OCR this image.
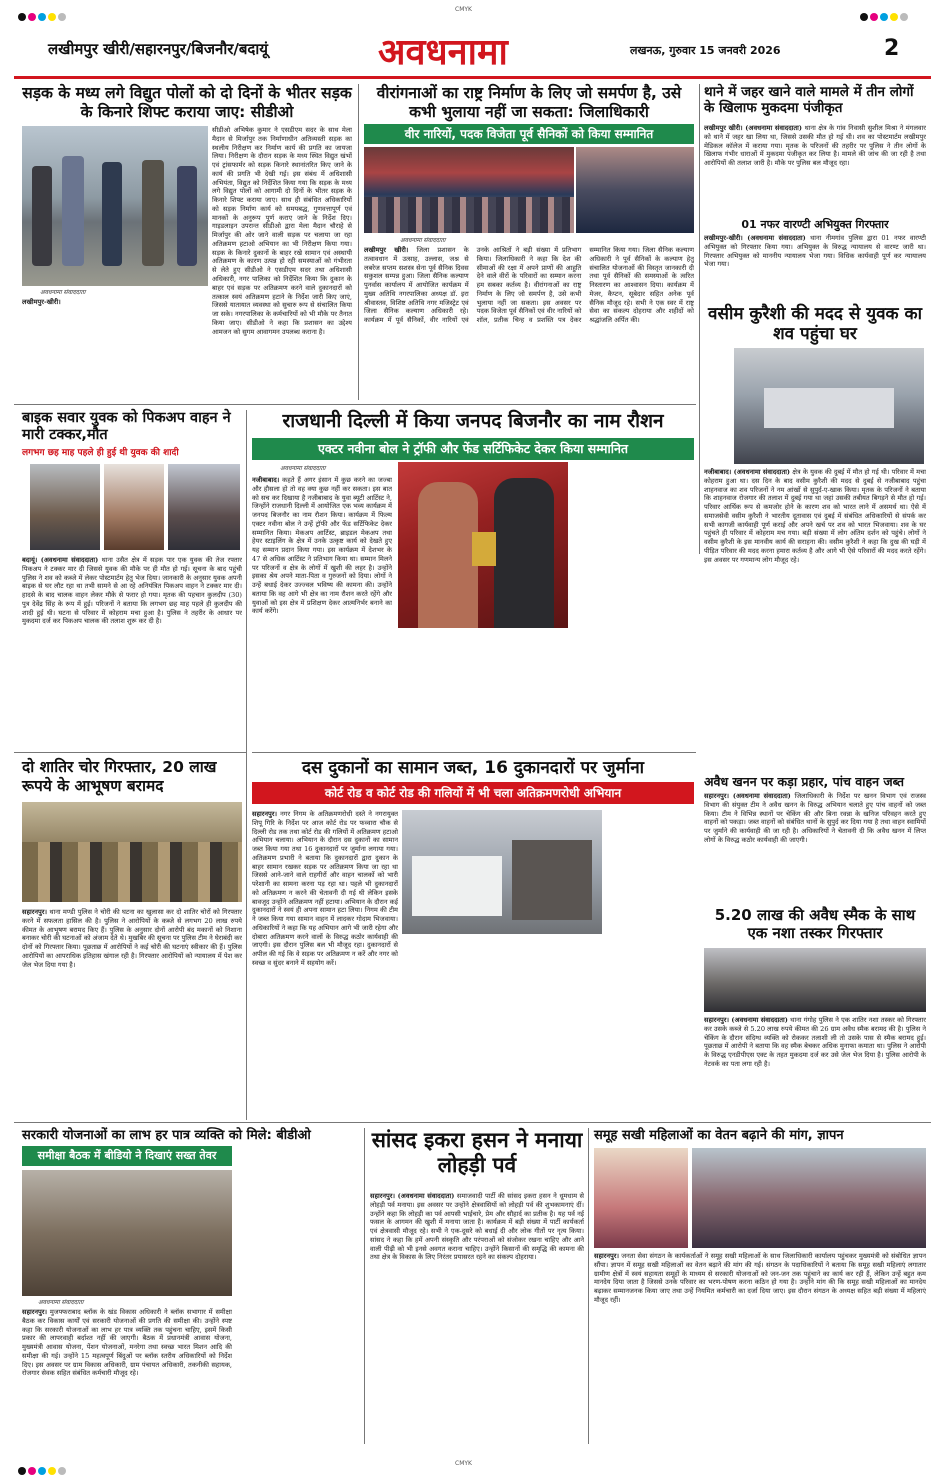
CMYK
लखीमपुर खीरी/सहारनपुर/बिजनौर/बदायूं	अवधनामा	लखनऊ, गुरुवार 15 जनवरी 2026	2
सड़क के मध्य लगे विद्युत पोलों को दो दिनों के भीतर सड़क के किनारे शिफ्ट कराया जाए: सीडीओ
अवधनामा संवाददाता
सीडीओ अभिषेक कुमार ने एसडीएम सदर के साथ मेला मैदान से मिर्जापुर तक निर्माणाधीन अतिव्यस्ती सड़क का स्थलीय निरीक्षण कर निर्माण कार्य की प्रगति का जायजा लिया। निरीक्षण के दौरान सड़क के मध्य स्थित विद्युत खंभों एवं ट्रांसफार्मर को सड़क किनारे स्थानांतरित किए जाने के कार्य की प्रगति भी देखी गई। इस संबंध में अधिशासी अभियंता, विद्युत को निर्देशित किया गया कि सड़क के मध्य लगे विद्युत पोलों को आगामी दो दिनों के भीतर सड़क के किनारे शिफ्ट कराया जाए। साथ ही संबंधित अधिकारियों को सड़क निर्माण कार्य को समयबद्ध, गुणवत्तापूर्ण एवं मानकों के अनुरूप पूर्ण कराए जाने के निर्देश दिए। गाइडलाइन उपरान्त सीडीओ द्वारा मेला मैदान चौराहे से मिर्जापुर की ओर जाने वाली सड़क पर चलाया जा रहा अतिक्रमण हटाओ अभियान का भी निरीक्षण किया गया। सड़क के किनारे दुकानों के बाहर रखे सामान एवं अस्थायी अतिक्रमण के कारण उत्पन्न हो रही समस्याओं को गंभीरता से लेते हुए सीडीओ ने एसडीएम सदर तथा अधिशासी अधिकारी, नगर पालिका को निर्देशित किया कि दुकान के बाहर एवं सड़क पर अतिक्रमण करने वाले दुकानदारों को तत्काल स्वयं अतिक्रमण हटाने के निर्देश जारी किए जाएं, जिससे यातायात व्यवस्था को सुचारु रूप से संचालित किया जा सके। नगरपालिका के कर्मचारियों को भी मौके पर तैनात किया जाए। सीडीओ ने कहा कि प्रशासन का उद्देश्य आमजन को सुगम आवागमन उपलब्ध कराना है।
लखीमपुर-खीरी।
वीरांगनाओं का राष्ट्र निर्माण के लिए जो समर्पण है, उसे कभी भुलाया नहीं जा सकता: जिलाधिकारी
वीर नारियों, पदक विजेता पूर्व सैनिकों को किया सम्मानित
अवधनामा संवाददाता
लखीमपुर खीरी। जिला प्रशासन के तत्वावधान में उत्साह, उल्लास, जश्न से लबरेज सप्तम सशस्त्र सेना पूर्व सैनिक दिवस सकुशल सम्पन्न हुआ। जिला सैनिक कल्याण पुनर्वास कार्यालय में आयोजित कार्यक्रम में मुख्य अतिथि नगरपालिका अध्यक्ष डॉ. इरा श्रीवास्तव, विशिष्ट अतिथि नगर मजिस्ट्रेट एवं जिला सैनिक कल्याण अधिकारी रहे। कार्यक्रम में पूर्व सैनिकों, वीर नारियों एवं उनके आश्रितों ने बड़ी संख्या में प्रतिभाग किया। जिलाधिकारी ने कहा कि देश की सीमाओं की रक्षा में अपने प्राणों की आहुति देने वाले वीरों के परिवारों का सम्मान करना हम सबका कर्तव्य है। वीरांगनाओं का राष्ट्र निर्माण के लिए जो समर्पण है, उसे कभी भुलाया नहीं जा सकता। इस अवसर पर पदक विजेता पूर्व सैनिकों एवं वीर नारियों को शॉल, प्रतीक चिन्ह व प्रशस्ति पत्र देकर सम्मानित किया गया। जिला सैनिक कल्याण अधिकारी ने पूर्व सैनिकों के कल्याण हेतु संचालित योजनाओं की विस्तृत जानकारी दी तथा पूर्व सैनिकों की समस्याओं के त्वरित निस्तारण का आश्वासन दिया। कार्यक्रम में मेजर, कैप्टन, सूबेदार सहित अनेक पूर्व सैनिक मौजूद रहे। सभी ने एक स्वर में राष्ट्र सेवा का संकल्प दोहराया और शहीदों को श्रद्धांजलि अर्पित की।
थाने में जहर खाने वाले मामले में तीन लोगों के खिलाफ मुकदमा पंजीकृत
लखीमपुर खीरी। (अवधनामा संवाददाता) थाना क्षेत्र के गांव निवासी सुशील मिश्रा ने मंगलवार को थाने में जहर खा लिया था, जिससे उसकी मौत हो गई थी। शव का पोस्टमार्टम लखीमपुर मेडिकल कॉलेज में कराया गया। मृतक के परिजनों की तहरीर पर पुलिस ने तीन लोगों के खिलाफ गंभीर धाराओं में मुकदमा पंजीकृत कर लिया है। मामले की जांच की जा रही है तथा आरोपियों की तलाश जारी है। मौके पर पुलिस बल मौजूद रहा।
01 नफर वारण्टी अभियुक्त गिरफ्तार
लखीमपुर-खीरी। (अवधनामा संवाददाता) थाना नीमगांव पुलिस द्वारा 01 नफर वारण्टी अभियुक्त को गिरफ्तार किया गया। अभियुक्त के विरुद्ध न्यायालय से वारण्ट जारी था। गिरफ्तार अभियुक्त को माननीय न्यायालय भेजा गया। विधिक कार्यवाही पूर्ण कर न्यायालय भेजा गया।
वसीम कुरैशी की मदद से युवक का शव पहुंचा घर
नजीबाबाद। (अवधनामा संवाददाता) क्षेत्र के युवक की दुबई में मौत हो गई थी। परिवार में मचा कोहराम हुआ था। दस दिन के बाद वसीम कुरैशी की मदद से दुबई से नजीबाबाद पहुंचा शाहनवाज का शव परिजनों ने नम आंखों से सुपुर्द-ए-खाक किया। मृतक के परिजनों ने बताया कि शाहनवाज रोजगार की तलाश में दुबई गया था जहां उसकी तबीयत बिगड़ने से मौत हो गई। परिवार आर्थिक रूप से कमजोर होने के कारण शव को भारत लाने में असमर्थ था। ऐसे में समाजसेवी वसीम कुरैशी ने भारतीय दूतावास एवं दुबई में संबंधित अधिकारियों से संपर्क कर सभी कागजी कार्यवाही पूर्ण कराई और अपने खर्च पर शव को भारत भिजवाया। शव के घर पहुंचते ही परिवार में कोहराम मच गया। बड़ी संख्या में लोग अंतिम दर्शन को पहुंचे। लोगों ने वसीम कुरैशी के इस मानवीय कार्य की सराहना की। वसीम कुरैशी ने कहा कि दुख की घड़ी में पीड़ित परिवार की मदद करना हमारा कर्तव्य है और आगे भी ऐसे परिवारों की मदद करते रहेंगे। इस अवसर पर गणमान्य लोग मौजूद रहे।
बाइक सवार युवक को पिकअप वाहन ने मारी टक्कर,मौत
लगभग छह माह पहले ही हुई थी युवक की शादी
बदायूं। (अवधनामा संवाददाता) थाना उसैत क्षेत्र में सड़क पार एक युवक की तेज रफ्तार पिकअप ने टक्कर मार दी जिससे युवक की मौके पर ही मौत हो गई। सूचना के बाद पहुंची पुलिस ने शव को कब्जे में लेकर पोस्टमार्टम हेतु भेज दिया। जानकारी के अनुसार युवक अपनी बाइक से घर लौट रहा था तभी सामने से आ रहे अनियंत्रित पिकअप वाहन ने टक्कर मार दी। हादसे के बाद चालक वाहन लेकर मौके से फरार हो गया। मृतक की पहचान कुलदीप (30) पुत्र देवेंद्र सिंह के रूप में हुई। परिजनों ने बताया कि लगभग छह माह पहले ही कुलदीप की शादी हुई थी। घटना से परिवार में कोहराम मचा हुआ है। पुलिस ने तहरीर के आधार पर मुकदमा दर्ज कर पिकअप चालक की तलाश शुरू कर दी है।
राजधानी दिल्ली में किया जनपद बिजनौर का नाम रौशन
एक्टर नवीना बोल ने ट्रॉफी और फेंड सर्टिफिकेट देकर किया सम्मानित
अवधनामा संवाददाता
नजीबाबाद। कहते हैं अगर इंसान में कुछ करने का जज्बा और हौसला हो तो वह क्या कुछ नहीं कर सकता। इस बात को सच कर दिखाया है नजीबाबाद के युवा ब्यूटी आर्टिस्ट ने, जिन्होंने राजधानी दिल्ली में आयोजित एक भव्य कार्यक्रम में जनपद बिजनौर का नाम रौशन किया। कार्यक्रम में फिल्म एक्टर नवीना बोल ने उन्हें ट्रॉफी और फेंड सर्टिफिकेट देकर सम्मानित किया। मेकअप आर्टिस्ट, ब्राइडल मेकअप तथा हेयर स्टाइलिंग के क्षेत्र में उनके उत्कृष्ट कार्य को देखते हुए यह सम्मान प्रदान किया गया। इस कार्यक्रम में देशभर के 47 से अधिक आर्टिस्ट ने प्रतिभाग किया था। सम्मान मिलने पर परिजनों व क्षेत्र के लोगों में खुशी की लहर है। उन्होंने इसका श्रेय अपने माता-पिता व गुरुजनों को दिया। लोगों ने उन्हें बधाई देकर उज्ज्वल भविष्य की कामना की। उन्होंने बताया कि वह आगे भी क्षेत्र का नाम रौशन करते रहेंगे और युवाओं को इस क्षेत्र में प्रशिक्षण देकर आत्मनिर्भर बनाने का कार्य करेंगे।
अवैध खनन पर कड़ा प्रहार, पांच वाहन जब्त
सहारनपुर। (अवधनामा संवाददाता) जिलाधिकारी के निर्देश पर खनन विभाग एवं राजस्व विभाग की संयुक्त टीम ने अवैध खनन के विरुद्ध अभियान चलाते हुए पांच वाहनों को जब्त किया। टीम ने विभिन्न स्थानों पर चेकिंग की और बिना रवन्ना के खनिज परिवहन करते हुए वाहनों को पकड़ा। जब्त वाहनों को संबंधित थानों के सुपुर्द कर दिया गया है तथा वाहन स्वामियों पर जुर्माने की कार्यवाही की जा रही है। अधिकारियों ने चेतावनी दी कि अवैध खनन में लिप्त लोगों के विरुद्ध कठोर कार्यवाही की जाएगी।
दो शातिर चोर गिरफ्तार, 20 लाख रूपये के आभूषण बरामद
सहारनपुर। थाना मण्डी पुलिस ने चोरी की घटना का खुलासा कर दो शातिर चोरों को गिरफ्तार करने में सफलता हासिल की है। पुलिस ने आरोपियों के कब्जे से लगभग 20 लाख रुपये कीमत के आभूषण बरामद किए हैं। पुलिस के अनुसार दोनों आरोपी बंद मकानों को निशाना बनाकर चोरी की घटनाओं को अंजाम देते थे। मुखबिर की सूचना पर पुलिस टीम ने घेराबंदी कर दोनों को गिरफ्तार किया। पूछताछ में आरोपियों ने कई चोरी की घटनाएं स्वीकार की हैं। पुलिस आरोपियों का आपराधिक इतिहास खंगाल रही है। गिरफ्तार आरोपियों को न्यायालय में पेश कर जेल भेज दिया गया है।
दस दुकानों का सामान जब्त, 16 दुकानदारों पर जुर्माना
कोर्ट रोड व कोर्ट रोड की गलियों में भी चला अतिक्रमणरोधी अभियान
सहारनपुर। नगर निगम के अतिक्रमणरोधी दस्ते ने नगरायुक्त शिपू गिरि के निर्देश पर आज कोर्ट रोड पर फव्वारा चौक से दिल्ली रोड तक तथा कोर्ट रोड की गलियों में अतिक्रमण हटाओ अभियान चलाया। अभियान के दौरान दस दुकानों का सामान जब्त किया गया तथा 16 दुकानदारों पर जुर्माना लगाया गया। अतिक्रमण प्रभारी ने बताया कि दुकानदारों द्वारा दुकान के बाहर सामान रखकर सड़क पर अतिक्रमण किया जा रहा था जिससे आने-जाने वाले राहगीरों और वाहन चालकों को भारी परेशानी का सामना करना पड़ रहा था। पहले भी दुकानदारों को अतिक्रमण न करने की चेतावनी दी गई थी लेकिन इसके बावजूद उन्होंने अतिक्रमण नहीं हटाया। अभियान के दौरान कई दुकानदारों ने स्वयं ही अपना सामान हटा लिया। निगम की टीम ने जब्त किया गया सामान वाहन में लादकर गोदाम भिजवाया। अधिकारियों ने कहा कि यह अभियान आगे भी जारी रहेगा और दोबारा अतिक्रमण करने वालों के विरुद्ध कठोर कार्यवाही की जाएगी। इस दौरान पुलिस बल भी मौजूद रहा। दुकानदारों से अपील की गई कि वे सड़क पर अतिक्रमण न करें और नगर को स्वच्छ व सुंदर बनाने में सहयोग करें।
5.20 लाख की अवैध स्मैक के साथ एक नशा तस्कर गिरफ्तार
सहारनपुर। (अवधनामा संवाददाता) थाना गंगोह पुलिस ने एक शातिर नशा तस्कर को गिरफ्तार कर उसके कब्जे से 5.20 लाख रुपये कीमत की 26 ग्राम अवैध स्मैक बरामद की है। पुलिस ने चेकिंग के दौरान संदिग्ध व्यक्ति को रोककर तलाशी ली तो उसके पास से स्मैक बरामद हुई। पूछताछ में आरोपी ने बताया कि वह स्मैक बेचकर अधिक मुनाफा कमाता था। पुलिस ने आरोपी के विरुद्ध एनडीपीएस एक्ट के तहत मुकदमा दर्ज कर उसे जेल भेज दिया है। पुलिस आरोपी के नेटवर्क का पता लगा रही है।
सरकारी योजनाओं का लाभ हर पात्र व्यक्ति को मिले: बीडीओ
समीक्षा बैठक में बीडियो ने दिखाएं सख्त तेवर
अवधनामा संवाददाता
सहारनपुर। मुजफ्फराबाद ब्लॉक के खंड विकास अधिकारी ने ब्लॉक सभागार में समीक्षा बैठक कर विकास कार्यों एवं सरकारी योजनाओं की प्रगति की समीक्षा की। उन्होंने स्पष्ट कहा कि सरकारी योजनाओं का लाभ हर पात्र व्यक्ति तक पहुंचना चाहिए, इसमें किसी प्रकार की लापरवाही बर्दाश्त नहीं की जाएगी। बैठक में प्रधानमंत्री आवास योजना, मुख्यमंत्री आवास योजना, पेंशन योजनाओं, मनरेगा तथा स्वच्छ भारत मिशन आदि की समीक्षा की गई। उन्होंने 15 महत्वपूर्ण बिंदुओं पर ब्लॉक स्तरीय अधिकारियों को निर्देश दिए। इस अवसर पर ग्राम विकास अधिकारी, ग्राम पंचायत अधिकारी, तकनीकी सहायक, रोजगार सेवक सहित संबंधित कर्मचारी मौजूद रहे।
सांसद इकरा हसन ने मनाया लोहड़ी पर्व
सहारनपुर। (अवधनामा संवाददाता) समाजवादी पार्टी की सांसद इकरा हसन ने धूमधाम से लोहड़ी पर्व मनाया। इस अवसर पर उन्होंने क्षेत्रवासियों को लोहड़ी पर्व की शुभकामनाएं दीं। उन्होंने कहा कि लोहड़ी का पर्व आपसी भाईचारे, प्रेम और सौहार्द का प्रतीक है। यह पर्व नई फसल के आगमन की खुशी में मनाया जाता है। कार्यक्रम में बड़ी संख्या में पार्टी कार्यकर्ता एवं क्षेत्रवासी मौजूद रहे। सभी ने एक-दूसरे को बधाई दी और लोक गीतों पर नृत्य किया। सांसद ने कहा कि हमें अपनी संस्कृति और परंपराओं को संजोकर रखना चाहिए और आने वाली पीढ़ी को भी इनसे अवगत कराना चाहिए। उन्होंने किसानों की समृद्धि की कामना की तथा क्षेत्र के विकास के लिए निरंतर प्रयासरत रहने का संकल्प दोहराया।
समूह सखी महिलाओं का वेतन बढ़ाने की मांग, ज्ञापन
सहारनपुर। जनता सेवा संगठन के कार्यकर्ताओं ने समूह सखी महिलाओं के साथ जिलाधिकारी कार्यालय पहुंचकर मुख्यमंत्री को संबोधित ज्ञापन सौंपा। ज्ञापन में समूह सखी महिलाओं का वेतन बढ़ाने की मांग की गई। संगठन के पदाधिकारियों ने बताया कि समूह सखी महिलाएं लगातार ग्रामीण क्षेत्रों में स्वयं सहायता समूहों के माध्यम से सरकारी योजनाओं को जन-जन तक पहुंचाने का कार्य कर रही हैं, लेकिन उन्हें बहुत कम मानदेय दिया जाता है जिससे उनके परिवार का भरण-पोषण करना कठिन हो गया है। उन्होंने मांग की कि समूह सखी महिलाओं का मानदेय बढ़ाकर सम्मानजनक किया जाए तथा उन्हें नियमित कर्मचारी का दर्जा दिया जाए। इस दौरान संगठन के अध्यक्ष सहित बड़ी संख्या में महिलाएं मौजूद रहीं।
CMYK
